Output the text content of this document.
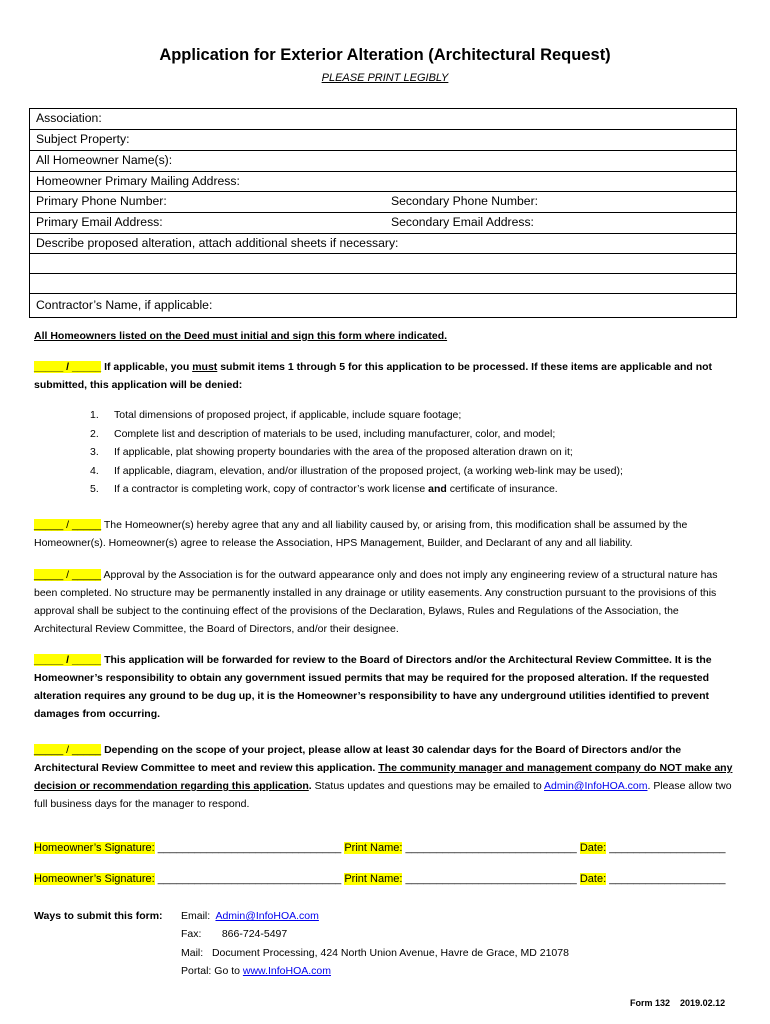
Application for Exterior Alteration (Architectural Request)
PLEASE PRINT LEGIBLY
Association:
Subject Property:
All Homeowner Name(s):
Homeowner Primary Mailing Address:
Primary Phone Number:	Secondary Phone Number:
Primary Email Address:	Secondary Email Address:
Describe proposed alteration, attach additional sheets if necessary:
Contractor’s Name, if applicable:
All Homeowners listed on the Deed must initial and sign this form where indicated.
_____ / _____ If applicable, you must submit items 1 through 5 for this application to be processed. If these items are applicable and not submitted, this application will be denied:
1. Total dimensions of proposed project, if applicable, include square footage;
2. Complete list and description of materials to be used, including manufacturer, color, and model;
3. If applicable, plat showing property boundaries with the area of the proposed alteration drawn on it;
4. If applicable, diagram, elevation, and/or illustration of the proposed project, (a working web-link may be used);
5. If a contractor is completing work, copy of contractor’s work license and certificate of insurance.
_____ / _____ The Homeowner(s) hereby agree that any and all liability caused by, or arising from, this modification shall be assumed by the Homeowner(s). Homeowner(s) agree to release the Association, HPS Management, Builder, and Declarant of any and all liability.
_____ / _____ Approval by the Association is for the outward appearance only and does not imply any engineering review of a structural nature has been completed. No structure may be permanently installed in any drainage or utility easements. Any construction pursuant to the provisions of this approval shall be subject to the continuing effect of the provisions of the Declaration, Bylaws, Rules and Regulations of the Association, the Architectural Review Committee, the Board of Directors, and/or their designee.
_____ / _____ This application will be forwarded for review to the Board of Directors and/or the Architectural Review Committee. It is the Homeowner’s responsibility to obtain any government issued permits that may be required for the proposed alteration. If the requested alteration requires any ground to be dug up, it is the Homeowner’s responsibility to have any underground utilities identified to prevent damages from occurring.
_____ / _____ Depending on the scope of your project, please allow at least 30 calendar days for the Board of Directors and/or the Architectural Review Committee to meet and review this application. The community manager and management company do NOT make any decision or recommendation regarding this application. Status updates and questions may be emailed to Admin@InfoHOA.com. Please allow two full business days for the manager to respond.
Homeowner’s Signature: ______________________________ Print Name: ____________________________ Date: ___________________
Homeowner’s Signature: ______________________________ Print Name: ____________________________ Date: ___________________
Ways to submit this form: Email: Admin@InfoHOA.com
Fax: 866-724-5497
Mail: Document Processing, 424 North Union Avenue, Havre de Grace, MD 21078
Portal: Go to www.InfoHOA.com
Form 132 2019.02.12
